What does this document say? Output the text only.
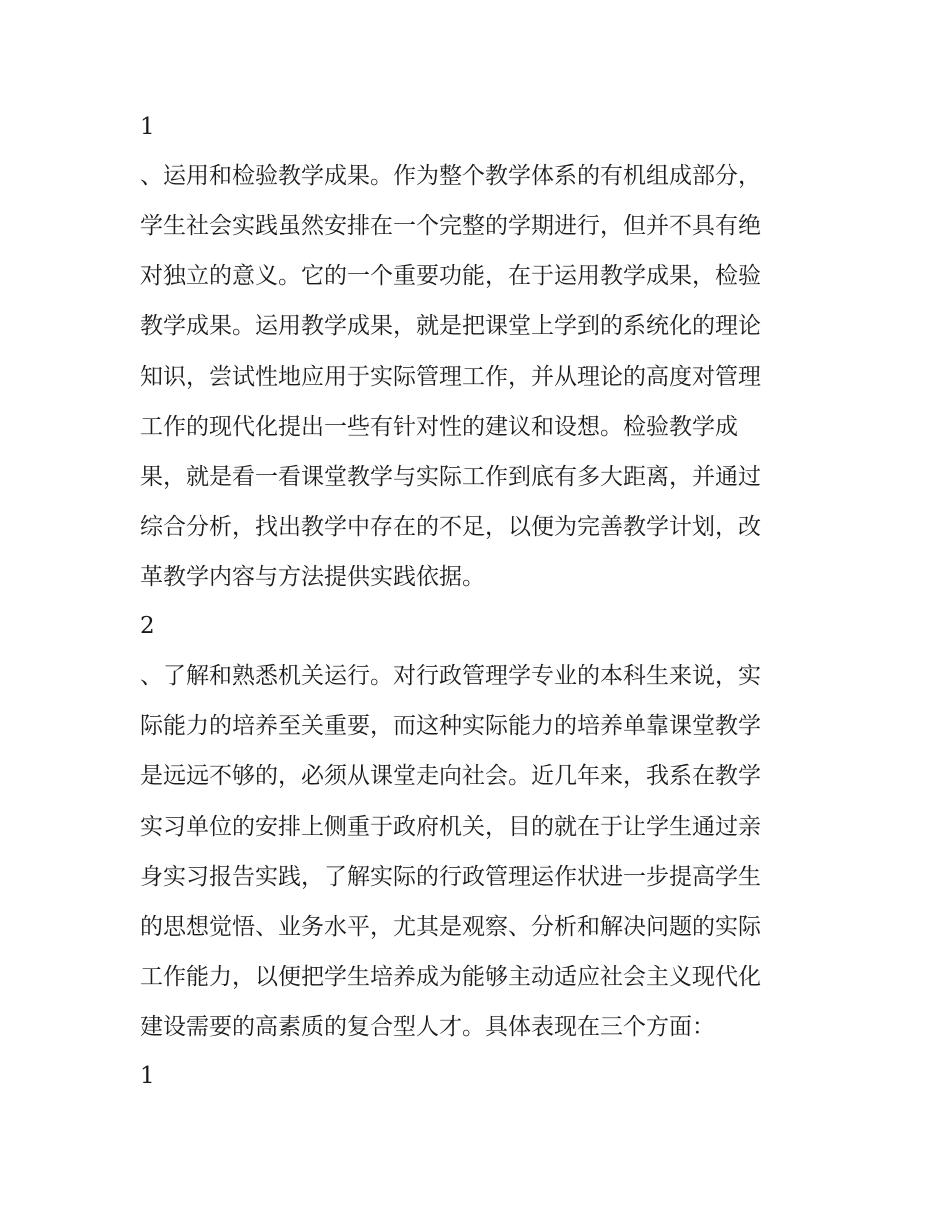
1
、运用和检验教学成果。作为整个教学体系的有机组成部分，
学生社会实践虽然安排在一个完整的学期进行，但并不具有绝
对独立的意义。它的一个重要功能，在于运用教学成果，检验
教学成果。运用教学成果，就是把课堂上学到的系统化的理论
知识，尝试性地应用于实际管理工作，并从理论的高度对管理
工作的现代化提出一些有针对性的建议和设想。检验教学成
果，就是看一看课堂教学与实际工作到底有多大距离，并通过
综合分析，找出教学中存在的不足，以便为完善教学计划，改
革教学内容与方法提供实践依据。
2
、了解和熟悉机关运行。对行政管理学专业的本科生来说，实
际能力的培养至关重要，而这种实际能力的培养单靠课堂教学
是远远不够的，必须从课堂走向社会。近几年来，我系在教学
实习单位的安排上侧重于政府机关，目的就在于让学生通过亲
身实习报告实践，了解实际的行政管理运作状进一步提高学生
的思想觉悟、业务水平，尤其是观察、分析和解决问题的实际
工作能力，以便把学生培养成为能够主动适应社会主义现代化
建设需要的高素质的复合型人才。具体表现在三个方面：
1
